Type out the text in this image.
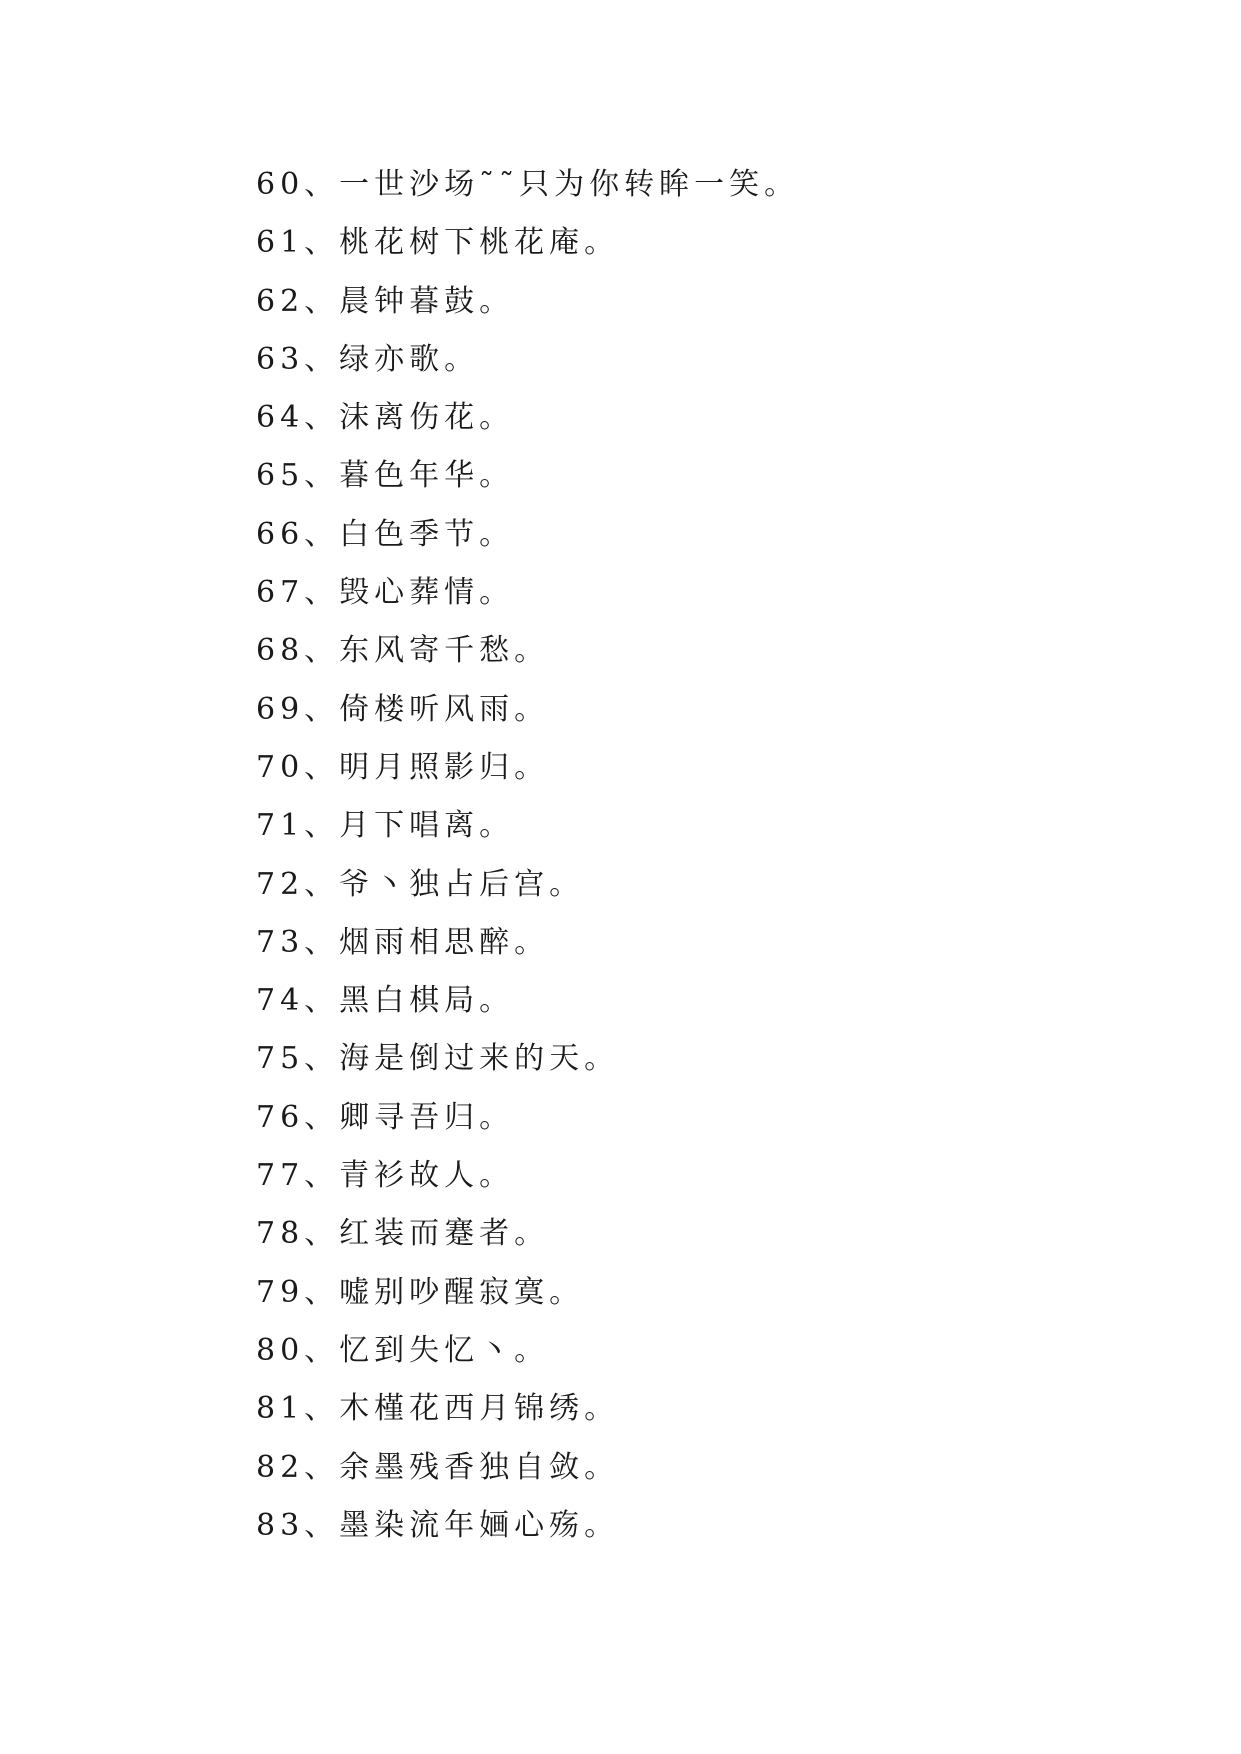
60、一世沙场˜˜只为你转眸一笑。
61、桃花树下桃花庵。
62、晨钟暮鼓。
63、绿亦歌。
64、沫离伤花。
65、暮色年华。
66、白色季节。
67、毁心葬情。
68、东风寄千愁。
69、倚楼听风雨。
70、明月照影归。
71、月下唱离。
72、爷丶独占后宫。
73、烟雨相思醉。
74、黑白棋局。
75、海是倒过来的天。
76、卿寻吾归。
77、青衫故人。
78、红装而蹇者。
79、嘘别吵醒寂寞。
80、忆到失忆丶。
81、木槿花西月锦绣。
82、余墨残香独自敛。
83、墨染流年婳心殇。
